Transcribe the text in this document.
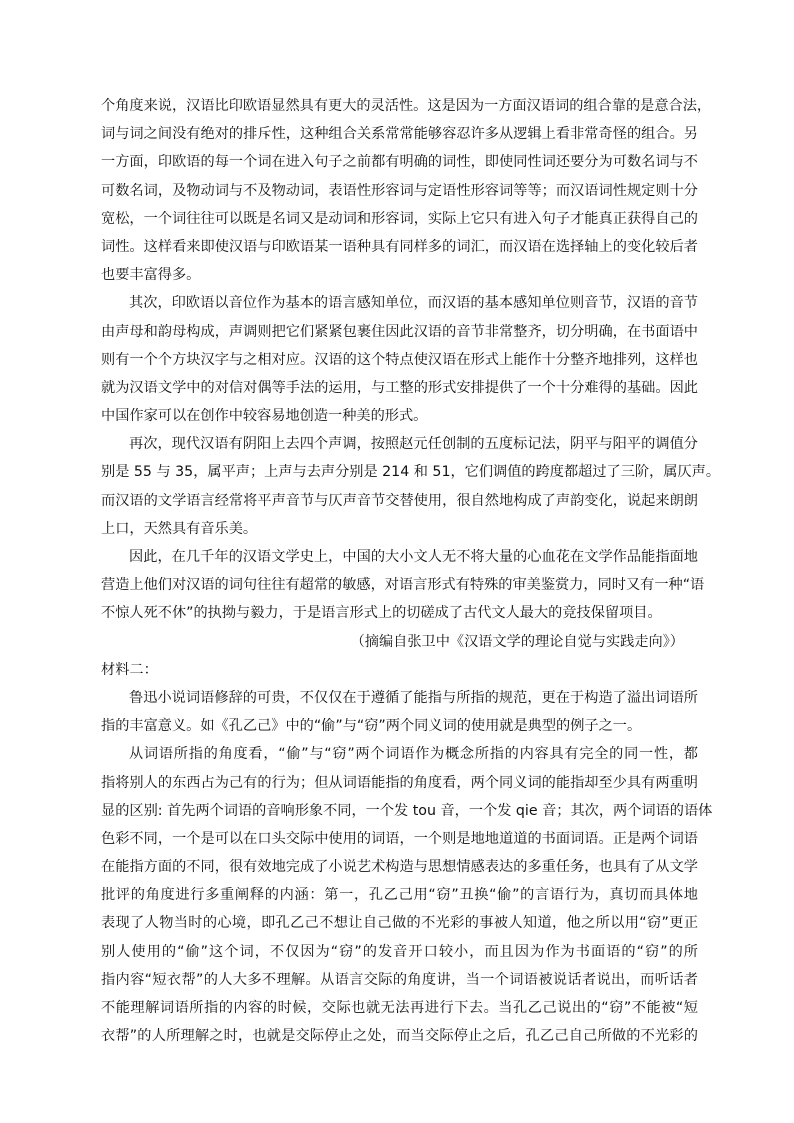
个角度来说，汉语比印欧语显然具有更大的灵活性。这是因为一方面汉语词的组合靠的是意合法，
词与词之间没有绝对的排斥性，这种组合关系常常能够容忍许多从逻辑上看非常奇怪的组合。另
一方面，印欧语的每一个词在进入句子之前都有明确的词性，即使同性词还要分为可数名词与不
可数名词，及物动词与不及物动词，表语性形容词与定语性形容词等等；而汉语词性规定则十分
宽松，一个词往往可以既是名词又是动词和形容词，实际上它只有进入句子才能真正获得自己的
词性。这样看来即使汉语与印欧语某一语种具有同样多的词汇，而汉语在选择轴上的变化较后者
也要丰富得多。
其次，印欧语以音位作为基本的语言感知单位，而汉语的基本感知单位则音节，汉语的音节
由声母和韵母构成，声调则把它们紧紧包裹住因此汉语的音节非常整齐，切分明确，在书面语中
则有一个个方块汉字与之相对应。汉语的这个特点使汉语在形式上能作十分整齐地排列，这样也
就为汉语文学中的对信对偶等手法的运用，与工整的形式安排提供了一个十分难得的基础。因此
中国作家可以在创作中较容易地创造一种美的形式。
再次，现代汉语有阴阳上去四个声调，按照赵元任创制的五度标记法，阴平与阳平的调值分
别是 55 与 35，属平声；上声与去声分别是 214 和 51，它们调值的跨度都超过了三阶，属仄声。
而汉语的文学语言经常将平声音节与仄声音节交替使用，很自然地构成了声韵变化，说起来朗朗
上口，天然具有音乐美。
因此，在几千年的汉语文学史上，中国的大小文人无不将大量的心血花在文学作品能指面地
营造上他们对汉语的词句往往有超常的敏感，对语言形式有特殊的审美鉴赏力，同时又有一种“语
不惊人死不休”的执拗与毅力，于是语言形式上的切磋成了古代文人最大的竞技保留项目。
（摘编自张卫中《汉语文学的理论自觉与实践走向》）
材料二：
鲁迅小说词语修辞的可贵，不仅仅在于遵循了能指与所指的规范，更在于构造了溢出词语所
指的丰富意义。如《孔乙己》中的“偷”与“窃”两个同义词的使用就是典型的例子之一。
从词语所指的角度看，“偷”与“窃”两个词语作为概念所指的内容具有完全的同一性，都
指将别人的东西占为己有的行为；但从词语能指的角度看，两个同义词的能指却至少具有两重明
显的区别: 首先两个词语的音响形象不同，一个发 tou 音，一个发 qie 音；其次，两个词语的语体
色彩不同，一个是可以在口头交际中使用的词语，一个则是地地道道的书面词语。正是两个词语
在能指方面的不同，很有效地完成了小说艺术构造与思想情感表达的多重任务，也具有了从文学
批评的角度进行多重阐释的内涵：第一，孔乙己用“窃”丑换“偷”的言语行为，真切而具体地
表现了人物当时的心境，即孔乙己不想让自己做的不光彩的事被人知道，他之所以用“窃”更正
别人使用的“偷”这个词，不仅因为“窃”的发音开口较小，而且因为作为书面语的“窃”的所
指内容“短衣帮”的人大多不理解。从语言交际的角度讲，当一个词语被说话者说出，而听话者
不能理解词语所指的内容的时候，交际也就无法再进行下去。当孔乙己说出的“窃”不能被“短
衣帮”的人所理解之时，也就是交际停止之处，而当交际停止之后，孔乙己自己所做的不光彩的
